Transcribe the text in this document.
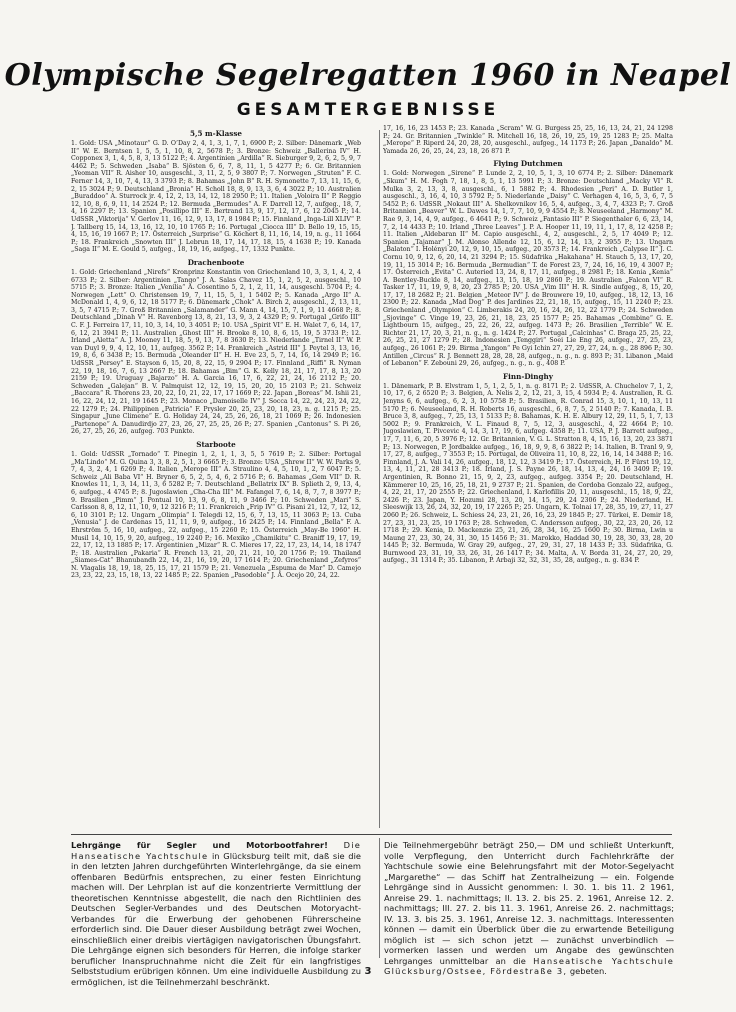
Olympische Segelregatten 1960 in Neapel
GESAMTERGEBNISSE
5,5 m-Klasse

1. Gold: USA „Minotaur“ G. D. O’Day 2, 4, 1, 3, 1, 7, 1, 6900 P.; 2. Silber: Dänemark „Web II“ W. E. Berntsen 1, 5, 5, 1, 10, 8, 2, 5678 P.; 3. Bronze: Schweiz „Ballerina IV“ H. Copponex 3, 1, 4, 5, 8, 3, 13 5122 P.; 4. Argentinien „Ardilla“ R. Sieburger 9, 2, 6, 2, 5, 9, 7 4462 P.; 5. Schweden „Isaba“ B. Sjösten 6, 6, 7, 8, 11, 1, 5 4277 P.; 6. Gr. Britannien „Yeoman VII“ R. Aisher 10, ausgeschl., 3, 11, 2, 5, 9 3807 P.; 7. Norwegen „Struten“ F. C. Ferner 14, 3, 10, 7, 4, 13, 3 3793 P.; 8. Bahamas „John B“ R. H. Symonette 7, 13, 11, 15, 6, 2, 15 3024 P.; 9. Deutschland „Bronia“ H. Scholl 18, 8, 9, 13, 3, 6, 4 3022 P.; 10. Australien „Buraddoo“ A. Sturrock jr. 4, 12, 2, 13, 14, 12, 18 2950 P.; 11. Italien „Voloira II“ P. Reggio 12, 10, 8, 6, 9, 11, 14 2524 P.; 12. Bermuda „Bermudes“ A. F. Darrell 12, 7, aufgeg., 18, 7, 4, 16 2297 P.; 13. Spanien „Posillipo III“ E. Bertrand 13, 9, 17, 12, 17, 6, 12 2045 P.; 14. UdSSR „Viktorija“ V. Gerlov 11, 16, 12, 9, 13, 17, 8 1984 P.; 15. Finnland „Inga-Lill XLIV“ P. J. Tallberg 15, 14, 13, 16, 12, 10, 10 1765 P.; 16. Portugal „Ciocca III“ D. Bello 19, 15, 15, 4, 15, 16, 19 1667 P.; 17. Österreich „Surprise“ G. Köchert 8, 11, 16, 14, 19, n. g., 11 1664 P.; 18. Frankreich „Snowten III“ J. Lebrun 18, 17, 14, 17, 18, 15, 4 1638 P.; 19. Kanada „Saga II“ M. E. Gould 5, aufgeg., 18, 19, 16, aufgeg., 17, 1332 Punkte.

Drachenboote

1. Gold: Griechenland „Nirefs“ Kronprinz Konstantin von Griechenland 10, 3, 3, 1, 4, 2, 4 6733 P.; 2. Silber: Argentinien „Tango“ J. A. Salas Chavez 15, 1, 2, 5, 2, ausgeschl., 10 5715 P.; 3. Bronze: Italien „Venilia“ A. Cosentino 5, 2, 1, 2, 11, 14, ausgeschl. 5704 P.; 4. Norwegen „Lett“ O. Christensen 19, 7, 11, 15, 5, 1, 1 5402 P.; 5. Kanada „Argo II“ A. McDonald 1, 4, 9, 6, 12, 18 5177 P.; 6. Dänemark „Chok“ A. Birch 2, ausgeschl., 2, 13, 11, 3, 5, 7 4715 P.; 7. Groß Britannien „Salamander“ G. Mann 4, 14, 15, 7, 1, 9, 11 4668 P.; 8. Deutschland „Dinah V“ H. Ravenborg 13, 8, 21, 13, 9, 3, 2 4329 P.; 9. Portugal „Grifo III“ C. F. J. Ferreira 17, 11, 10, 3, 14, 10, 3 4051 P.; 10. USA „Spirit VI“ E. H. Walet 7, 6, 14, 17, 6, 12, 21 3941 P.; 11. Australien „Ghost III“ H. Brooke 8, 10, 8, 6, 15, 19, 5 3733 P.; 12. Irland „Aletta“ A. J. Mooney 11, 18, 5, 9, 13, 7, 8 3630 P.; 13. Niederlande „Tirnel II“ W. P. van Duyl 9, 9, 4, 12, 10, 11, aufgeg. 3562 P.; 14. Frankreich „Astrid III“ J. Peytel 3, 13, 16, 19, 8, 6, 6 3438 P.; 15. Bermuda „Oleander II“ H. H. Eve 23, 5, 7, 14, 16, 14 2949 P.; 16. UdSSR „Persey“ E. Stayson 6, 15, 20, 8, 22, 15, 9 2904 P.; 17. Finnland „Riffi“ R. Nyman 22, 19, 18, 16, 7, 6, 13 2667 P.; 18. Bahamas „Bim“ G. K. Kelly 18, 21, 17, 17, 8, 13, 20 2159 P.; 19. Uruguay „Bajarzo“ H. A. Garcia 16, 17, 6, 22, 21, 24, 16 2112 P.; 20. Schweden „Galejan“ B. V. Palmquist 12, 12, 19, 15, 20, 20, 15 2103 P.; 21. Schweiz „Baccara“ R. Thorens 23, 20, 22, 10, 21, 22, 17, 17 1669 P.; 22. Japan „Boreas“ M. Ishii 21, 16, 22, 24, 12, 21, 19 1645 P.; 23. Monaco „Damoiselle IV“ J. Socca 14, 22, 24, 23, 24, 22, 22 1279 P.; 24. Philippinen „Patricia“ F. Prysler 20, 25, 23, 20, 18, 23, n. g. 1215 P.; 25. Singapur „June Climene“ E. G. Holiday 24, 24, 25, 26, 26, 18, 21 1069 P.; 26. Indonesien „Partenope“ A. Danudirdjo 27, 23, 26, 27, 25, 25, 26 P.; 27. Spanien „Cantonus“ S. Pi 26, 26, 27, 25, 26, 26, aufgeg. 703 Punkte.

Starboote

1. Gold: UdSSR „Tornado“ T. Pinegin 1, 2, 1, 1, 3, 5, 5 7619 P.; 2. Silber: Portugal „Ma’Lindo“ M. G. Quina 3, 3, 8, 2, 5, 1, 3 6665 P.; 3. Bronze: USA „Shrew II“ W. W. Parks 9, 7, 4, 3, 2, 4, 1 6269 P.; 4. Italien „Merope III“ A. Straulino 4, 4, 5, 10, 1, 2, 7 6047 P.; 5. Schweiz „Ali Baba VI“ H. Bryner 6, 5, 2, 5, 4, 6, 2 5716 P.; 6. Bahamas „Gem VII“ D. R. Knowles 11, 1, 3, 14, 11, 3, 6 5282 P.; 7. Deutschland „Bellatrix IX“ B. Splieth 2, 9, 13, 4, 6, aufgeg., 4 4745 P.; 8. Jugoslawien „Cha-Cha III“ M. Fafangel 7, 6, 14, 8, 7, 7, 8 3977 P.; 9. Brasilien „Pimm“ J. Pontual 10, 13, 9, 6, 8, 11, 9 3466 P.; 10. Schweden „Mari“ S. Carlsson 8, 8, 12, 11, 10, 9, 12 3216 P.; 11. Frankreich „Frip IV“ G. Pisani 21, 12, 7, 12, 12, 6, 10 3101 P.; 12. Ungarn „Olimpia“ I. Telegdi 12, 15, 6, 7, 13, 15, 11 3063 P.; 13. Cuba „Venusia“ J. de Cardenas 15, 11, 11, 9, 9, aufgeg., 16 2425 P.; 14. Finnland „Bella“ F. A. Ehrström 5, 16, 10, aufgeg., 22, aufgeg., 15 2260 P.; 15. Österreich „May-Be 1960“ H. Musil 14, 10, 15, 9, 20, aufgeg., 19 2240 P.; 16. Mexiko „Chamikitu“ C. Braniff 19, 17, 19, 22, 17, 12, 13 1885 P.; 17. Argentinien „Mizar“ R. C. Mieres 17, 22, 17, 23, 14, 14, 18 1747 P.; 18. Australien „Pakaria“ R. French 13, 21, 20, 21, 21, 10, 20 1756 P.; 19. Thailand „Siames-Cat“ Bhanubandh 22, 14, 21, 16, 19, 20, 17 1614 P.; 20. Griechenland „Zefyros“ N. Vlagalis 18, 19, 18, 25, 15, 17, 21 1579 P.; 21. Venezuela „Espuma de Mar“ D. Camejo 23, 23, 22, 23, 15, 18, 13, 22 1485 P.; 22. Spanien „Pasodoble“ J. A. Ocejo 20, 24, 22.

17, 16, 16, 23 1453 P.; 23. Kanada „Scram“ W. G. Burgess 25, 25, 16, 13, 24, 21, 24 1298 P.; 24. Gr. Britannien „Twinkle“ R. Mitchell 16, 18, 26, 19, 25, 19, 25 1283 P.; 25. Malta „Merope“ P. Riperd 24, 20, 28, 20, ausgeschl., aufgeg., 14 1173 P.; 26. Japan „Danaldo“ M. Yamada 26, 26, 25, 24, 23, 18, 26 871 P.

Flying Dutchmen

1. Gold: Norwegen „Sirene“ P. Lunde 2, 2, 10, 5, 1, 3, 10 6774 P.; 2. Silber: Dänemark „Skum“ H. M. Fogh 7, 18, 1, 8, 5, 1, 13 5991 P.; 3. Bronze: Deutschland „Macky VI“ R. Mulka 3, 2, 13, 3, 8, ausgeschl., 6, 1 5882 P.; 4. Rhodesien „Peri“ A. D. Butler 1, ausgeschl., 3, 16, 4, 10, 3 5792 P.; 5. Niederlande „Daisy“ C. Verhagen 4, 16, 5, 3, 6, 7, 5 5452 P.; 6. UdSSR „Nokaut III“ A. Shelkovnikov 16, 5, 4, aufgeg., 3, 4, 7, 4323 P.; 7. Groß Britannien „Beaver“ W. L. Dawes 14, 1, 7, 7, 10, 9, 9 4554 P.; 8. Neuseeland „Harmony“ M. Rae 9, 3, 14, 4, 9, aufgeg., 6 4641 P.; 9. Schweiz „Fantasio III“ P. Siegenthaler 6, 6, 23, 14, 7, 2, 14 4433 P.; 10. Irland „Three Leaves“ J. P. A. Hooper 11, 19, 11, 1, 17, 8, 12 4258 P.; 11. Italien „Aldebaran II“ M. Capio ausgeschl., 4, 2, ausgeschl., 2, 5, 17 4049 P.; 12. Spanien „Tajamar“ J. M. Alonso Allende 12, 15, 6, 12, 14, 13, 2 3955 P.; 13. Ungarn „Balaton“ I. Holényi 20, 12, 9, 10, 15, aufgeg., 20 3573 P.; 14. Frankreich „Calypse II“ J. C. Cornu 10, 9, 12, 6, 20, 14, 21 3294 P.; 15. Südafrika „Hakahana“ H. Stauch 5, 13, 17, 20, 19, 11, 15 3014 P.; 16. Bermuda „Bermudian“ T. de Forest 23, 7, 24, 16, 16, 19, 4 3007 P.; 17. Österreich „Evita“ C. Auteried 13, 24, 8, 17, 11, aufgeg., 8 2981 P.; 18. Kenia „Kenia“ A. Bentley-Buckle 8, 14, aufgeg., 13, 15, 18, 19 2860 P.; 19. Australien „Falcon VI“ R. Tasker 17, 11, 19, 9, 8, 20, 23 2785 P.; 20. USA „Vim III“ H. R. Sindle aufgeg., 8, 15, 20, 17, 17, 18 2682 P.; 21. Belgien „Meteor IV“ J. de Brouwere 19, 10, aufgeg., 18, 12, 13, 16 2300 P.; 22. Kanada „Mad Dog“ P. des Jardines 22, 21, 18, 15, aufgeg., 15, 11 2240 P.; 23. Griechenland „Olympion“ C. Limberakis 24, 20, 16, 24, 26, 12, 22 1779 P.; 24. Schweden „Sjovinge“ C. Vinge 19, 23, 26, 21, 18, 23, 25 1577 P.; 25. Bahamas „Combine“ G. E. Lightbourn 15, aufgeg., 25, 22, 26, 22, aufgeg. 1473 P.; 26. Brasilien „Terrible“ W. E. Richter 21, 17, 20, 3, 21, n. g., n. g. 1424 P.; 27. Portugal „Calcinhas“ C. Braga 25, 25, 22, 26, 25, 21, 27 1279 P.; 28. Indonesien „Tenggiri“ Soei Lie Eng 26, aufgeg., 27, 25, 23, aufgeg., 26 1061 P.; 29. Birma „Yangon“ Pe Gyi Ichin 27, 27, 29, 27, 24, n. g., 28 896 P.; 30. Antillen „Circus“ R. J. Bennett 28, 28, 28, 28, aufgeg., n. g., n. g. 893 P.; 31. Libanon „Maid of Lebanon“ F. Zebouni 29, 26, aufgeg., n. g., n. g., 408 P.

Finn-Dinghy

1. Dänemark, P. B. Elvstram 1, 5, 1, 2, 5, 1, n. g. 8171 P.; 2. UdSSR, A. Chuchelov 7, 1, 2, 10, 17, 6, 2 6520 P.; 3. Belgien, A. Nelis 2, 2, 12, 21, 3, 15, 4 5934 P.; 4. Australien, R. G. Jenyns 6, 6, aufgeg., 6, 2, 3, 10 5758 P.; 5. Brasilien, R. Conrad 15, 3, 10, 1, 10, 13, 11 5170 P.; 6. Neuseeland, R. H. Roberts 16, ausgeschl., 6, 8, 7, 5, 2 5140 P.; 7. Kanada, I. B. Bruce 3, 8, aufgeg., 7, 25, 13, 1 5133 P.; 8. Bahamas, K. H. E. Albury 12, 29, 11, 5, 1, 7, 13 5002 P.; 9. Frankreich, V. L. Finaud 8, 7, 5, 12, 3, ausgeschl., 4, 22 4664 P.; 10. Jugoslawien, T. Pivcevic 4, 14, 3, 17, 19, 6, aufgeg. 4358 P.; 11. USA, P. J. Barrett aufgeg., 17, 7, 11, 6, 20, 5 3976 P.; 12. Gr. Britannien, V. G. L. Stratton 8, 4, 15, 16, 13, 20, 23 3871 P.; 13. Norwegen, P. Jordbakke aufgeg., 16, 18, 9, 9, 8, 6 3822 P.; 14. Italien, B. Tranl 9, 9, 17, 27, 8, aufgeg., 7 3553 P.; 15. Portugal, de Oliveira 11, 10, 8, 22, 16, 14, 14 3488 P.; 16. Finnland, J. A. Vali 14, 26, aufgeg., 18, 12, 12, 3 3419 P.; 17. Österreich, H. P. Fürst 19, 12, 13, 4, 11, 21, 28 3413 P.; 18. Irland, J. S. Payne 26, 18, 14, 13, 4, 24, 16 3409 P.; 19. Argentinien, R. Bonno 21, 15, 9, 2, 23, aufgeg., aufgeg. 3354 P.; 20. Deutschland, H. Kämmerer 10, 25, 16, 25, 18, 21, 9 2737 P.; 21. Spanien, de Cordoba Gonzalo 22, aufgeg., 4, 22, 21, 17, 20 2555 P.; 22. Griechenland, I. Karlofillis 20, 11, ausgeschl., 15, 18, 9, 22, 2426 P.; 23. Japan, Y. Hozumi 28, 13, 20, 14, 15, 29, 24 2306 P.; 24. Niederland, H. Sleeswijk 13, 26, 24, 32, 20, 19, 17 2265 P.; 25. Ungarn, K. Tolnai 17, 28, 35, 19, 27, 11, 27 2060 P.; 26. Schweiz, L. Schiess 24, 23, 21, 26, 16, 23, 29 1845 P.; 27. Türkei, E. Demir 18, 27, 23, 31, 23, 25, 19 1763 P.; 28. Schweden, C. Andersson aufgeg., 30, 22, 23, 20, 26, 12 1718 P.; 29. Kenia, D. Mackenzie 25, 21, 26, 28, 34, 16, 25 1600 P.; 30. Birma, Lwin u Maung 27, 23, 30, 24, 31, 30, 15 1456 P.; 31. Marokko, Haddad 30, 19, 28, 30, 33, 28, 20 1445 P.; 32. Bermuda, W. Gray 29, aufgeg., 27, 29, 31, 27, 18 1433 P.; 33. Südafrika, G. Burnwood 23, 31, 19, 33, 26, 31, 26 1417 P.; 34. Malta, A. V. Borda 31, 24, 27, 20, 29, aufgeg., 31 1314 P.; 35. Libanon, P. Arbaji 32, 32, 31, 35, 28, aufgeg., n. g. 834 P.

Lehrgänge für Segler und Motorbootfahrer! Die Hanseatische Yachtschule in Glücksburg teilt mit, daß sie die in den letzten Jahren durchgeführten Winterlehrgänge, da sie einem offenbaren Bedürfnis entsprechen, zu einer festen Einrichtung machen will. Der Lehrplan ist auf die konzentrierte Vermittlung der theoretischen Kenntnisse abgestellt, die nach den Richtlinien des Deutschen Segler-Verbandes und des Deutschen Motoryacht-Verbandes für die Erwerbung der gehobenen Führerscheine erforderlich sind. Die Dauer dieser Ausbildung beträgt zwei Wochen, einschließlich einer dreibis viertägigen navigatorischen Übungsfahrt. Die Lehrgänge eignen sich besonders für Herren, die infolge starker beruflicher Inanspruchnahme nicht die Zeit für ein langfristiges Selbststudium erübrigen können. Um eine individuelle Ausbildung zu ermöglichen, ist die Teilnehmerzahl beschränkt.

Die Teilnehmergebühr beträgt 250,— DM und schließt Unterkunft, volle Verpflegung, den Unterricht durch Fachlehrkräfte der Yachtschule sowie eine Belehrungsfahrt mit der Motor-Segelyacht „Margarethe“ — das Schiff hat Zentralheizung — ein. Folgende Lehrgänge sind in Aussicht genommen: I. 30. 1. bis 11. 2 1961, Anreise 29. 1. nachmittags; II. 13. 2. bis 25. 2. 1961, Anreise 12. 2. nachmittags; III. 27. 2. bis 11. 3. 1961, Anreise 26. 2. nachmittags; IV. 13. 3. bis 25. 3. 1961, Anreise 12. 3. nachmittags. Interessenten können — damit ein Überblick über die zu erwartende Beteiligung möglich ist — sich schon jetzt — zunächst unverbindlich — vormerken lassen und werden um Angabe des gewünschten Lehrganges unmittelbar an die Hanseatische Yachtschule Glücksburg/Ostsee, Fördestraße 3, gebeten.

3
